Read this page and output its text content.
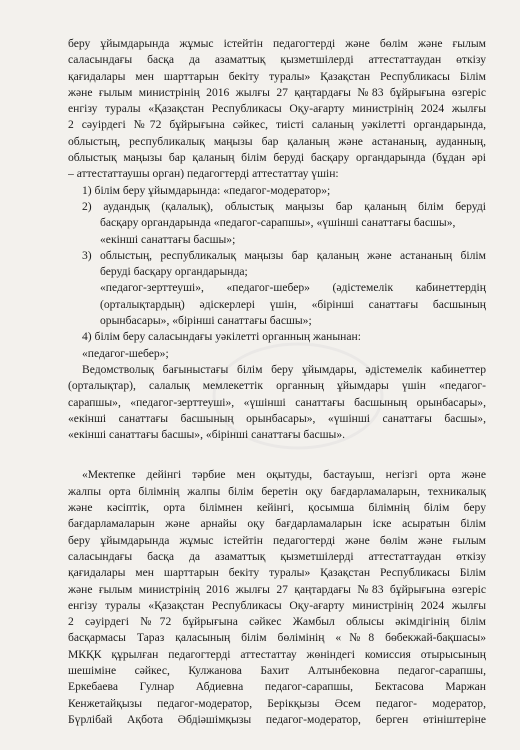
беру ұйымдарында жұмыс істейтін педагогтерді және бөлім және ғылым
саласындағы басқа да азаматтық қызметшілерді аттестаттаудан өткізу
қағидалары мен шарттарын бекіту туралы» Қазақстан Республикасы Білім
және ғылым министрінің 2016 жылғы 27 қаңтардағы №83 бұйрығына өзгеріс
енгізу туралы «Қазақстан Республикасы Оқу-ағарту министрінің 2024 жылғы
2 сәуірдегі №72 бұйрығына сәйкес, тиісті саланың уәкілетті органдарында,
облыстың, республикалық маңызы бар қаланың және астананың, ауданның,
облыстық маңызы бар қаланың білім беруді басқару органдарында (бұдан әрі
– аттестаттаушы орган) педагогтерді аттестаттау үшін:
1) білім беру ұйымдарында: «педагог-модератор»;
2) аудандық (қалалық), облыстық маңызы бар қаланың білім беруді
басқару органдарында «педагог-сарапшы», «үшінші санаттағы басшы»,
«екінші санаттағы басшы»;
3) облыстың, республикалық маңызы бар қаланың және астананың білім
беруді басқару органдарында;
«педагог-зерттеуші», «педагог-шебер» (әдістемелік кабинеттердің
(орталықтардың) әдіскерлері үшін, «бірінші санаттағы басшының
орынбасары», «бірінші санаттағы басшы»;
4) білім беру саласындағы уәкілетті органның жанынан:
«педагог-шебер»;
Ведомстволық бағыныстағы білім беру ұйымдары, әдістемелік кабинеттер
(орталықтар), салалық мемлекеттік органның ұйымдары үшін «педагог-
сарапшы», «педагог-зерттеуші», «үшінші санаттағы басшының орынбасары»,
«екінші санаттағы басшының орынбасары», «үшінші санаттағы басшы»,
«екінші санаттағы басшы», «бірінші санаттағы басшы».
«Мектепке дейінгі тәрбие мен оқытуды, бастауыш, негізгі орта және
жалпы орта білімнің жалпы білім беретін оқу бағдарламаларын, техникалық
және кәсіптік, орта білімнен кейінгі, қосымша білімнің білім беру
бағдарламаларын және арнайы оқу бағдарламаларын іске асыратын білім
беру ұйымдарында жұмыс істейтін педагогтерді және бөлім және ғылым
саласындағы басқа да азаматтық қызметшілерді аттестаттаудан өткізу
қағидалары мен шарттарын бекіту туралы» Қазақстан Республикасы Білім
және ғылым министрінің 2016 жылғы 27 қаңтардағы №83 бұйрығына өзгеріс
енгізу туралы «Қазақстан Республикасы Оқу-ағарту министрінің 2024 жылғы
2 сәуірдегі №72 бұйрығына сәйкес Жамбыл облысы әкімдігінің білім
басқармасы Тараз қаласының білім бөлімінің «№8 бөбекжай-бақшасы»
МКҚК құрылған педагогтерді аттестаттау жөніндегі комиссия отырысының
шешіміне сәйкес, Кулжанова Бахит Алтынбековна педагог-сарапшы,
Еркебаева Гулнар Абдиевна педагог-сарапшы, Бектасова Маржан
Кенжетайқызы педагог-модератор, Берікқызы Әсем педагог- модератор,
Бүрлібай Ақбота Әбдіәшімқызы педагог-модератор, берген өтініштеріне
